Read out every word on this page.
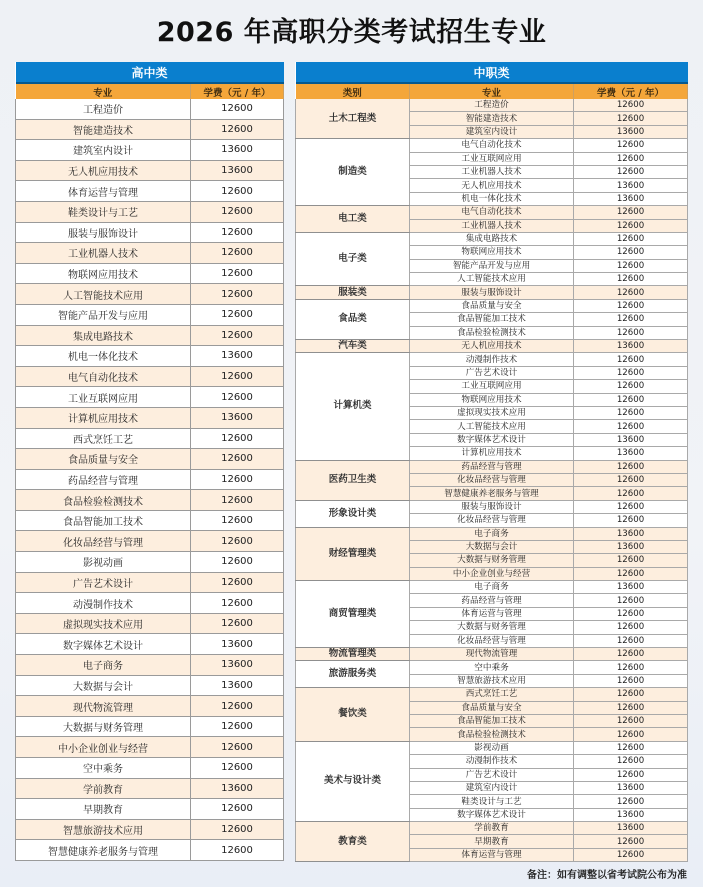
2026 年高职分类考试招生专业
高中类	
专业	学费（元 / 年）
工程造价	12600
智能建造技术	12600
建筑室内设计	13600
无人机应用技术	13600
体育运营与管理	12600
鞋类设计与工艺	12600
服装与服饰设计	12600
工业机器人技术	12600
物联网应用技术	12600
人工智能技术应用	12600
智能产品开发与应用	12600
集成电路技术	12600
机电一体化技术	13600
电气自动化技术	12600
工业互联网应用	12600
计算机应用技术	13600
西式烹饪工艺	12600
食品质量与安全	12600
药品经营与管理	12600
食品检验检测技术	12600
食品智能加工技术	12600
化妆品经营与管理	12600
影视动画	12600
广告艺术设计	12600
动漫制作技术	12600
虚拟现实技术应用	12600
数字媒体艺术设计	13600
电子商务	13600
大数据与会计	13600
现代物流管理	12600
大数据与财务管理	12600
中小企业创业与经营	12600
空中乘务	12600
学前教育	13600
早期教育	12600
智慧旅游技术应用	12600
智慧健康养老服务与管理	12600
中职类		
类别	专业	学费（元 / 年）
土木工程类	工程造价	12600
	智能建造技术	12600
	建筑室内设计	13600
制造类	电气自动化技术	12600
	工业互联网应用	12600
	工业机器人技术	12600
	无人机应用技术	13600
	机电一体化技术	13600
电工类	电气自动化技术	12600
	工业机器人技术	12600
电子类	集成电路技术	12600
	物联网应用技术	12600
	智能产品开发与应用	12600
	人工智能技术应用	12600
服装类	服装与服饰设计	12600
食品类	食品质量与安全	12600
	食品智能加工技术	12600
	食品检验检测技术	12600
汽车类	无人机应用技术	13600
计算机类	动漫制作技术	12600
	广告艺术设计	12600
	工业互联网应用	12600
	物联网应用技术	12600
	虚拟现实技术应用	12600
	人工智能技术应用	12600
	数字媒体艺术设计	13600
	计算机应用技术	13600
医药卫生类	药品经营与管理	12600
	化妆品经营与管理	12600
	智慧健康养老服务与管理	12600
形象设计类	服装与服饰设计	12600
	化妆品经营与管理	12600
财经管理类	电子商务	13600
	大数据与会计	13600
	大数据与财务管理	12600
	中小企业创业与经营	12600
商贸管理类	电子商务	13600
	药品经营与管理	12600
	体育运营与管理	12600
	大数据与财务管理	12600
	化妆品经营与管理	12600
物流管理类	现代物流管理	12600
旅游服务类	空中乘务	12600
	智慧旅游技术应用	12600
餐饮类	西式烹饪工艺	12600
	食品质量与安全	12600
	食品智能加工技术	12600
	食品检验检测技术	12600
美术与设计类	影视动画	12600
	动漫制作技术	12600
	广告艺术设计	12600
	建筑室内设计	13600
	鞋类设计与工艺	12600
	数字媒体艺术设计	13600
教育类	学前教育	13600
	早期教育	12600
	体育运营与管理	12600
备注：如有调整以省考试院公布为准
